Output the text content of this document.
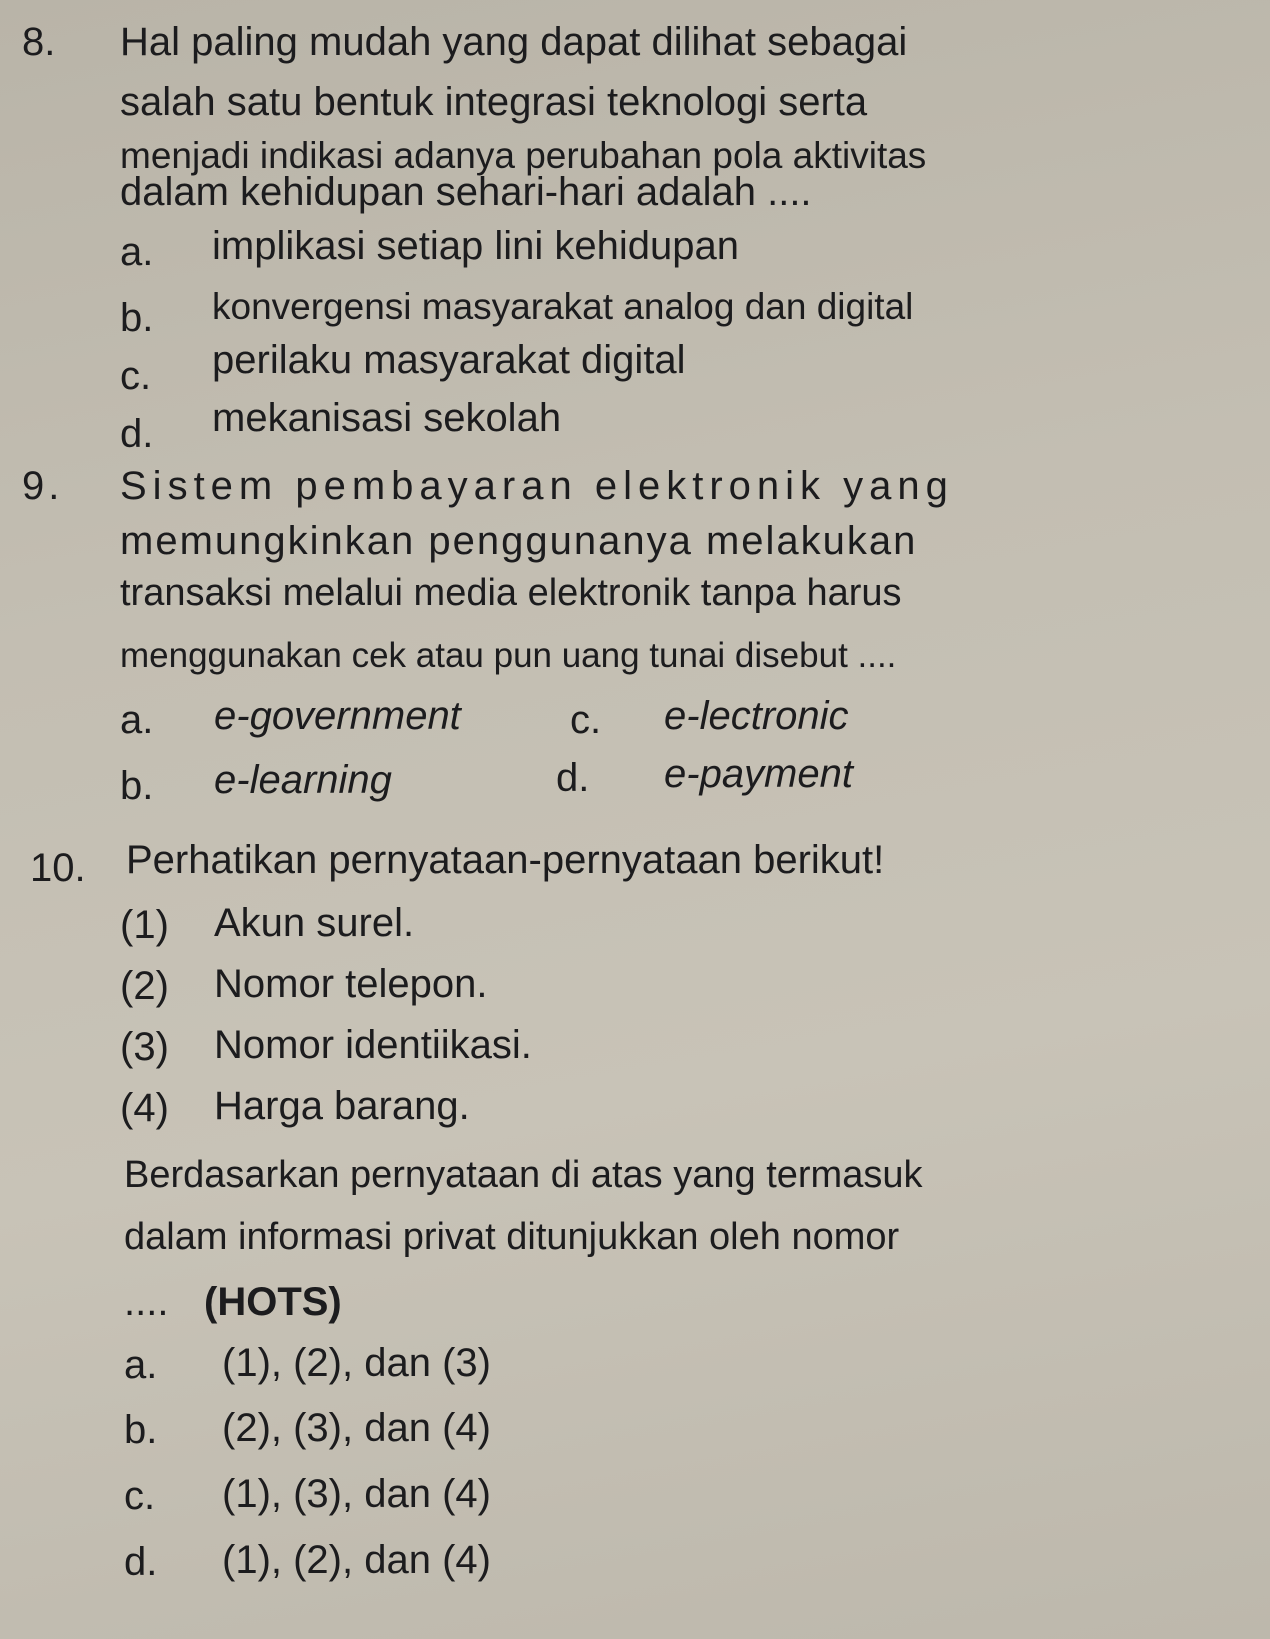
8. Hal paling mudah yang dapat dilihat sebagai
salah satu bentuk integrasi teknologi serta
menjadi indikasi adanya perubahan pola aktivitas
dalam kehidupan sehari-hari adalah ....
a. implikasi setiap lini kehidupan
b. konvergensi masyarakat analog dan digital
c. perilaku masyarakat digital
d. mekanisasi sekolah
9. Sistem pembayaran elektronik yang
memungkinkan penggunanya melakukan
transaksi melalui media elektronik tanpa harus
menggunakan cek atau pun uang tunai disebut ....
a. e-government	c. e-lectronic
b. e-learning	d. e-payment
10. Perhatikan pernyataan-pernyataan berikut!
(1) Akun surel.
(2) Nomor telepon.
(3) Nomor identiikasi.
(4) Harga barang.
Berdasarkan pernyataan di atas yang termasuk
dalam informasi privat ditunjukkan oleh nomor
.... (HOTS)
a. (1), (2), dan (3)
b. (2), (3), dan (4)
c. (1), (3), dan (4)
d. (1), (2), dan (4)
